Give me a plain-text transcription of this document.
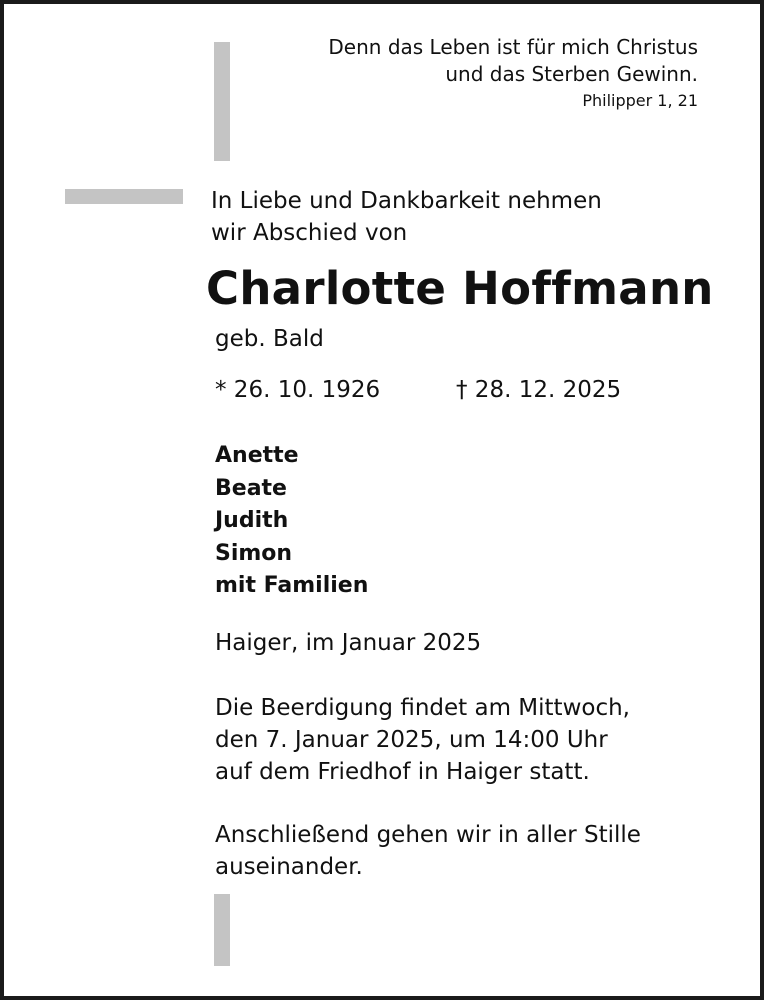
Denn das Leben ist für mich Christus
und das Sterben Gewinn.
Philipper 1, 21
In Liebe und Dankbarkeit nehmen
wir Abschied von
Charlotte Hoffmann
geb. Bald
* 26. 10. 1926	† 28. 12. 2025
Anette
Beate
Judith
Simon
mit Familien
Haiger, im Januar 2025
Die Beerdigung findet am Mittwoch,
den 7. Januar 2025, um 14:00 Uhr
auf dem Friedhof in Haiger statt.
Anschließend gehen wir in aller Stille
auseinander.
